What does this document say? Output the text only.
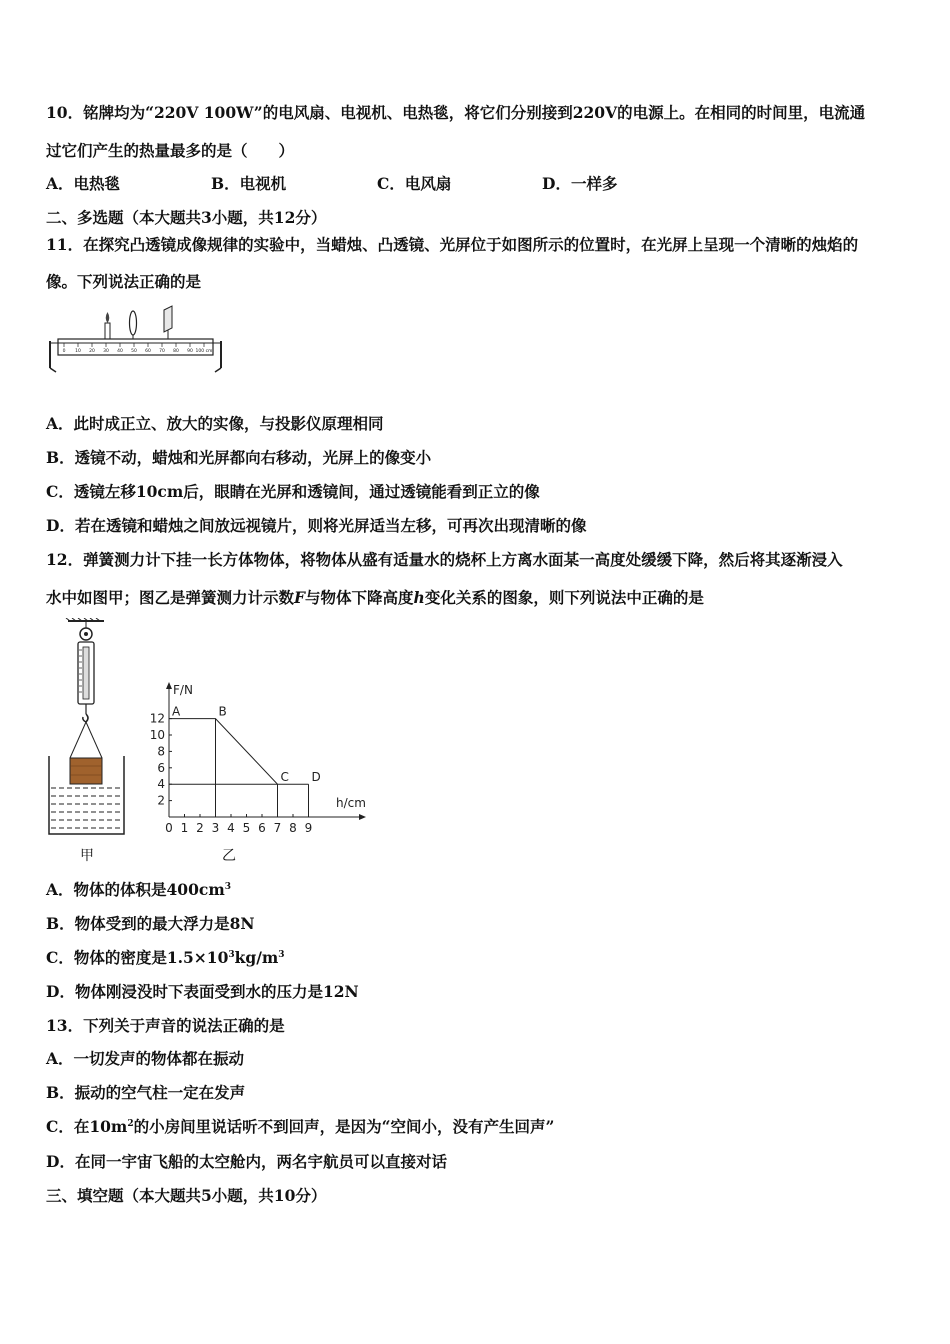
10．铭牌均为“220V 100W”的电风扇、电视机、电热毯，将它们分别接到220V的电源上。在相同的时间里，电流通
过它们产生的热量最多的是（　　）
A．电热毯	B．电视机	C．电风扇	D．一样多
二、多选题（本大题共3小题，共12分）
11．在探究凸透镜成像规律的实验中，当蜡烛、凸透镜、光屏位于如图所示的位置时，在光屏上呈现一个清晰的烛焰的
像。下列说法正确的是
0 10 20 30 40 50 60 70 80 90 100 cm
A．此时成正立、放大的实像，与投影仪原理相同
B．透镜不动，蜡烛和光屏都向右移动，光屏上的像变小
C．透镜左移10cm后，眼睛在光屏和透镜间，通过透镜能看到正立的像
D．若在透镜和蜡烛之间放远视镜片，则将光屏适当左移，可再次出现清晰的像
12．弹簧测力计下挂一长方体物体，将物体从盛有适量水的烧杯上方离水面某一高度处缓缓下降，然后将其逐渐浸入
水中如图甲；图乙是弹簧测力计示数F与物体下降高度h变化关系的图象，则下列说法中正确的是
甲
h/cm
F/N
0 1 2 3 4 5 6 7 8 9
2
4
6
8
10
12 A	B
C D
乙
A．物体的体积是$400cm^3$
B．物体受到的最大浮力是8N
C．物体的密度是$1.5\times 10^3kg/m^3$
D．物体刚浸没时下表面受到水的压力是12N
13．下列关于声音的说法正确的是
A．一切发声的物体都在振动
B．振动的空气柱一定在发声
C．在$10m^2$的小房间里说话听不到回声，是因为“空间小，没有产生回声”
D．在同一宇宙飞船的太空舱内，两名宇航员可以直接对话
三、填空题（本大题共5小题，共10分）
